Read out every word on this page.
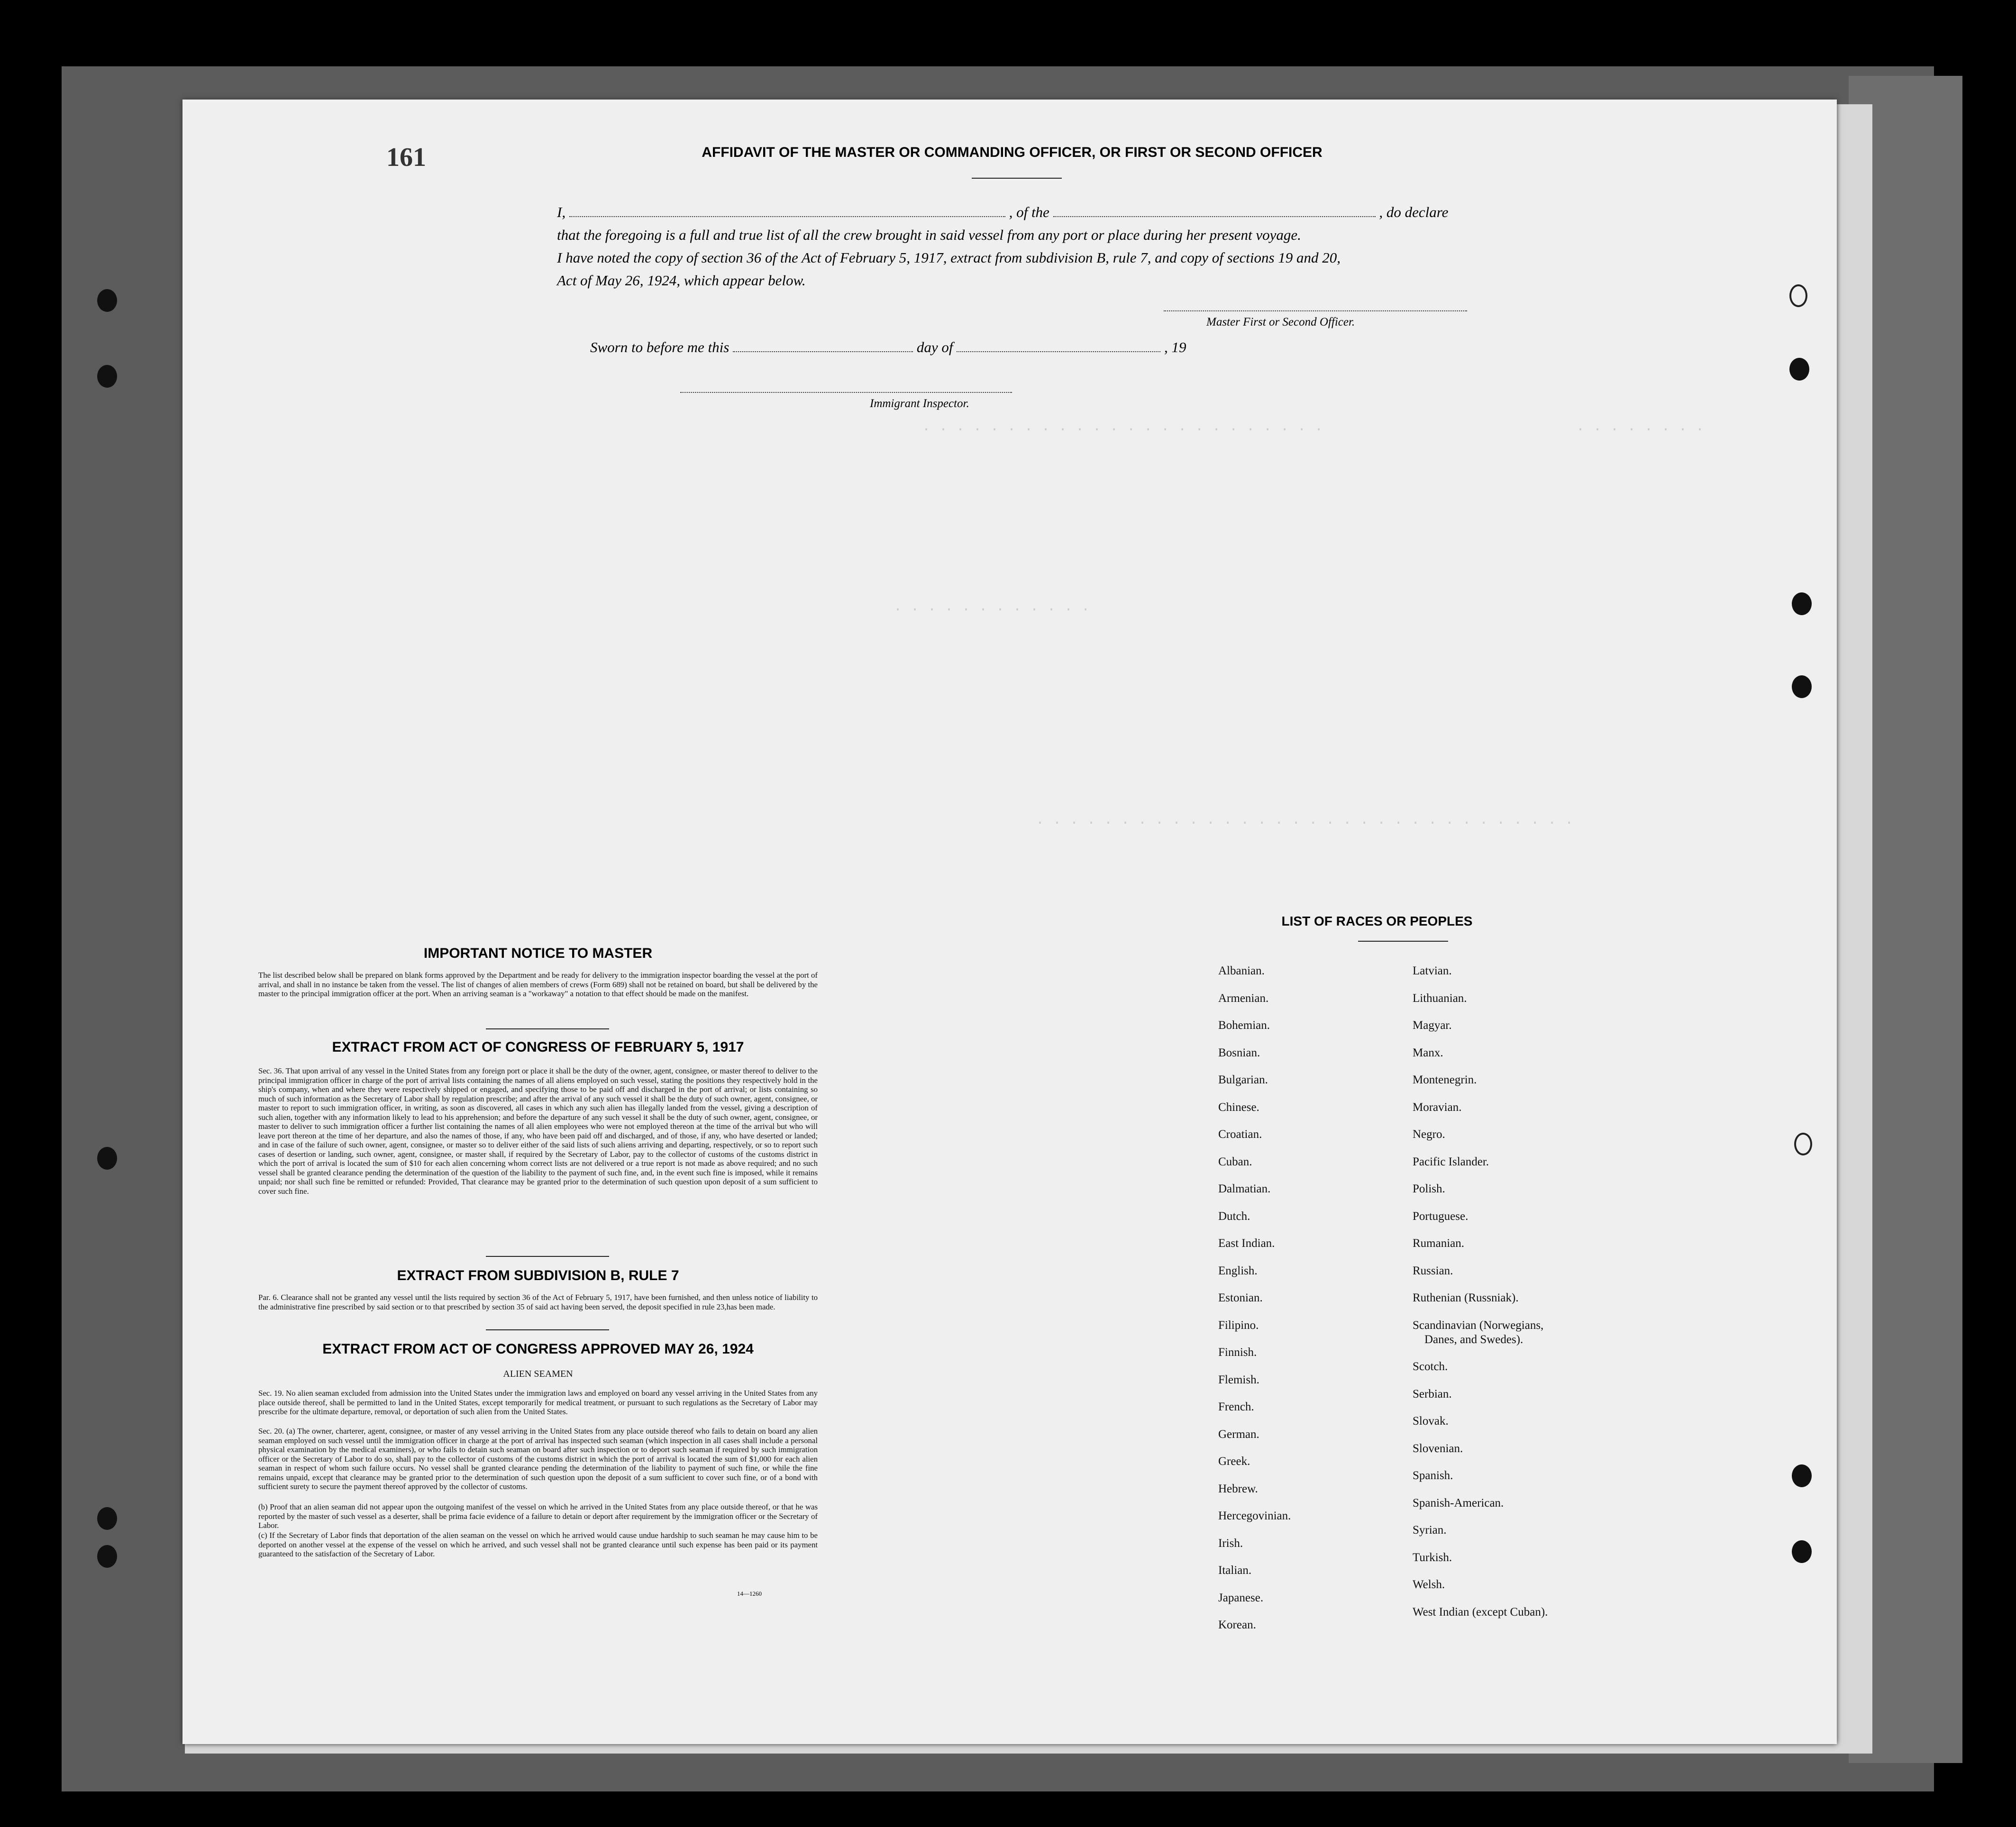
161
· · · · · · · ·
· · · · · · · · · · · · · · · · · · · · · · · ·
· · · · · · · · · · · ·
· · · · · · · · · · · · · · · · · · · · · · · · · · · · · · · ·
AFFIDAVIT OF THE MASTER OR COMMANDING OFFICER, OR FIRST OR SECOND OFFICER
I,	, of the	, do declare
that the foregoing is a full and true list of all the crew brought in said vessel from any port or place during her present voyage.
I have noted the copy of section 36 of the Act of February 5, 1917, extract from subdivision B, rule 7, and copy of sections 19 and 20,
Act of May 26, 1924, which appear below.
Master First or Second Officer.
Sworn to before me this	day of	, 19
Immigrant Inspector.
IMPORTANT NOTICE TO MASTER
The list described below shall be prepared on blank forms approved by the Department and be ready for delivery to the immigration inspector boarding the vessel at the port of arrival, and shall in no instance be taken from the vessel. The list of changes of alien members of crews (Form 689) shall not be retained on board, but shall be delivered by the master to the principal immigration officer at the port. When an arriving seaman is a "workaway" a notation to that effect should be made on the manifest.
EXTRACT FROM ACT OF CONGRESS OF FEBRUARY 5, 1917
Sec. 36. That upon arrival of any vessel in the United States from any foreign port or place it shall be the duty of the owner, agent, consignee, or master thereof to deliver to the principal immigration officer in charge of the port of arrival lists containing the names of all aliens employed on such vessel, stating the positions they respectively hold in the ship's company, when and where they were respectively shipped or engaged, and specifying those to be paid off and discharged in the port of arrival; or lists containing so much of such information as the Secretary of Labor shall by regulation prescribe; and after the arrival of any such vessel it shall be the duty of such owner, agent, consignee, or master to report to such immigration officer, in writing, as soon as discovered, all cases in which any such alien has illegally landed from the vessel, giving a description of such alien, together with any information likely to lead to his apprehension; and before the departure of any such vessel it shall be the duty of such owner, agent, consignee, or master to deliver to such immigration officer a further list containing the names of all alien employees who were not employed thereon at the time of the arrival but who will leave port thereon at the time of her departure, and also the names of those, if any, who have been paid off and discharged, and of those, if any, who have deserted or landed; and in case of the failure of such owner, agent, consignee, or master so to deliver either of the said lists of such aliens arriving and departing, respectively, or so to report such cases of desertion or landing, such owner, agent, consignee, or master shall, if required by the Secretary of Labor, pay to the collector of customs of the customs district in which the port of arrival is located the sum of $10 for each alien concerning whom correct lists are not delivered or a true report is not made as above required; and no such vessel shall be granted clearance pending the determination of the question of the liability to the payment of such fine, and, in the event such fine is imposed, while it remains unpaid; nor shall such fine be remitted or refunded: Provided, That clearance may be granted prior to the determination of such question upon deposit of a sum sufficient to cover such fine.
EXTRACT FROM SUBDIVISION B, RULE 7
Par. 6. Clearance shall not be granted any vessel until the lists required by section 36 of the Act of February 5, 1917, have been furnished, and then unless notice of liability to the administrative fine prescribed by said section or to that prescribed by section 35 of said act having been served, the deposit specified in rule 23,has been made.
EXTRACT FROM ACT OF CONGRESS APPROVED MAY 26, 1924
ALIEN SEAMEN
Sec. 19. No alien seaman excluded from admission into the United States under the immigration laws and employed on board any vessel arriving in the United States from any place outside thereof, shall be permitted to land in the United States, except temporarily for medical treatment, or pursuant to such regulations as the Secretary of Labor may prescribe for the ultimate departure, removal, or deportation of such alien from the United States.
Sec. 20. (a) The owner, charterer, agent, consignee, or master of any vessel arriving in the United States from any place outside thereof who fails to detain on board any alien seaman employed on such vessel until the immigration officer in charge at the port of arrival has inspected such seaman (which inspection in all cases shall include a personal physical examination by the medical examiners), or who fails to detain such seaman on board after such inspection or to deport such seaman if required by such immigration officer or the Secretary of Labor to do so, shall pay to the collector of customs of the customs district in which the port of arrival is located the sum of $1,000 for each alien seaman in respect of whom such failure occurs. No vessel shall be granted clearance pending the determination of the liability to payment of such fine, or while the fine remains unpaid, except that clearance may be granted prior to the determination of such question upon the deposit of a sum sufficient to cover such fine, or of a bond with sufficient surety to secure the payment thereof approved by the collector of customs.
(b) Proof that an alien seaman did not appear upon the outgoing manifest of the vessel on which he arrived in the United States from any place outside thereof, or that he was reported by the master of such vessel as a deserter, shall be prima facie evidence of a failure to detain or deport after requirement by the immigration officer or the Secretary of Labor.
(c) If the Secretary of Labor finds that deportation of the alien seaman on the vessel on which he arrived would cause undue hardship to such seaman he may cause him to be deported on another vessel at the expense of the vessel on which he arrived, and such vessel shall not be granted clearance until such expense has been paid or its payment guaranteed to the satisfaction of the Secretary of Labor.
14—1260
LIST OF RACES OR PEOPLES
Albanian.
Armenian.
Bohemian.
Bosnian.
Bulgarian.
Chinese.
Croatian.
Cuban.
Dalmatian.
Dutch.
East Indian.
English.
Estonian.
Filipino.
Finnish.
Flemish.
French.
German.
Greek.
Hebrew.
Hercegovinian.
Irish.
Italian.
Japanese.
Korean.
Latvian.
Lithuanian.
Magyar.
Manx.
Montenegrin.
Moravian.
Negro.
Pacific Islander.
Polish.
Portuguese.
Rumanian.
Russian.
Ruthenian (Russniak).
Scandinavian (Norwegians,
Danes, and Swedes).
Scotch.
Serbian.
Slovak.
Slovenian.
Spanish.
Spanish-American.
Syrian.
Turkish.
Welsh.
West Indian (except Cuban).
